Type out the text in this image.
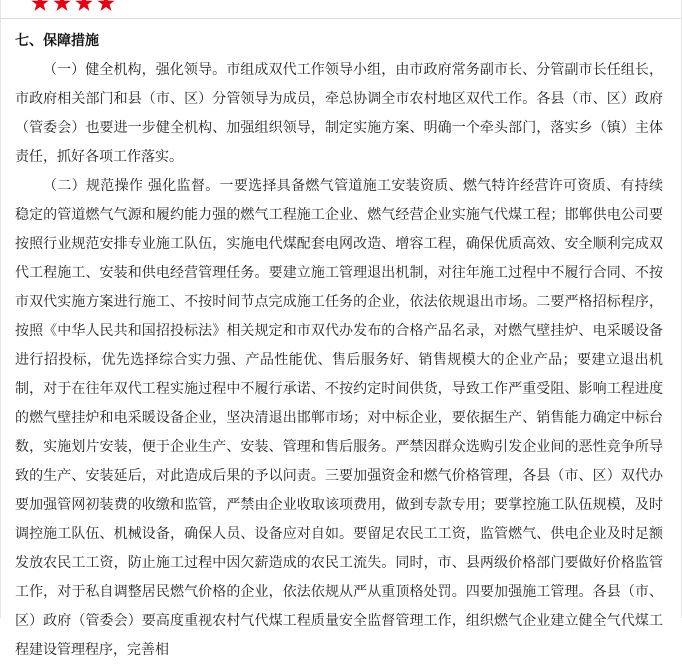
七、保障措施

（一）健全机构，强化领导。市组成双代工作领导小组，由市政府常务副市长、分管副市长任组长，市政府相关部门和县（市、区）分管领导为成员，牵总协调全市农村地区双代工作。各县（市、区）政府（管委会）也要进一步健全机构、加强组织领导，制定实施方案、明确一个牵头部门，落实乡（镇）主体责任，抓好各项工作落实。

（二）规范操作 强化监督。一要选择具备燃气管道施工安装资质、燃气特许经营许可资质、有持续稳定的管道燃气气源和履约能力强的燃气工程施工企业、燃气经营企业实施气代煤工程；邯郸供电公司要按照行业规范安排专业施工队伍，实施电代煤配套电网改造、增容工程，确保优质高效、安全顺利完成双代工程施工、安装和供电经营管理任务。要建立施工管理退出机制，对往年施工过程中不履行合同、不按市双代实施方案进行施工、不按时间节点完成施工任务的企业，依法依规退出市场。二要严格招标程序，按照《中华人民共和国招投标法》相关规定和市双代办发布的合格产品名录，对燃气壁挂炉、电采暖设备进行招投标，优先选择综合实力强、产品性能优、售后服务好、销售规模大的企业产品；要建立退出机制，对于在往年双代工程实施过程中不履行承诺、不按约定时间供货，导致工作严重受阻、影响工程进度的燃气壁挂炉和电采暖设备企业，坚决清退出邯郸市场；对中标企业，要依据生产、销售能力确定中标台数，实施划片安装，便于企业生产、安装、管理和售后服务。严禁因群众选购引发企业间的恶性竞争所导致的生产、安装延后，对此造成后果的予以问责。三要加强资金和燃气价格管理，各县（市、区）双代办要加强管网初装费的收缴和监管，严禁由企业收取该项费用，做到专款专用；要掌控施工队伍规模，及时调控施工队伍、机械设备，确保人员、设备应对自如。要留足农民工工资，监管燃气、供电企业及时足额发放农民工工资，防止施工过程中因欠薪造成的农民工流失。同时，市、县两级价格部门要做好价格监管工作，对于私自调整居民燃气价格的企业，依法依规从严从重顶格处罚。四要加强施工管理。各县（市、区）政府（管委会）要高度重视农村气代煤工程质量安全监督管理工作，组织燃气企业建立健全气代煤工程建设管理程序，完善相
